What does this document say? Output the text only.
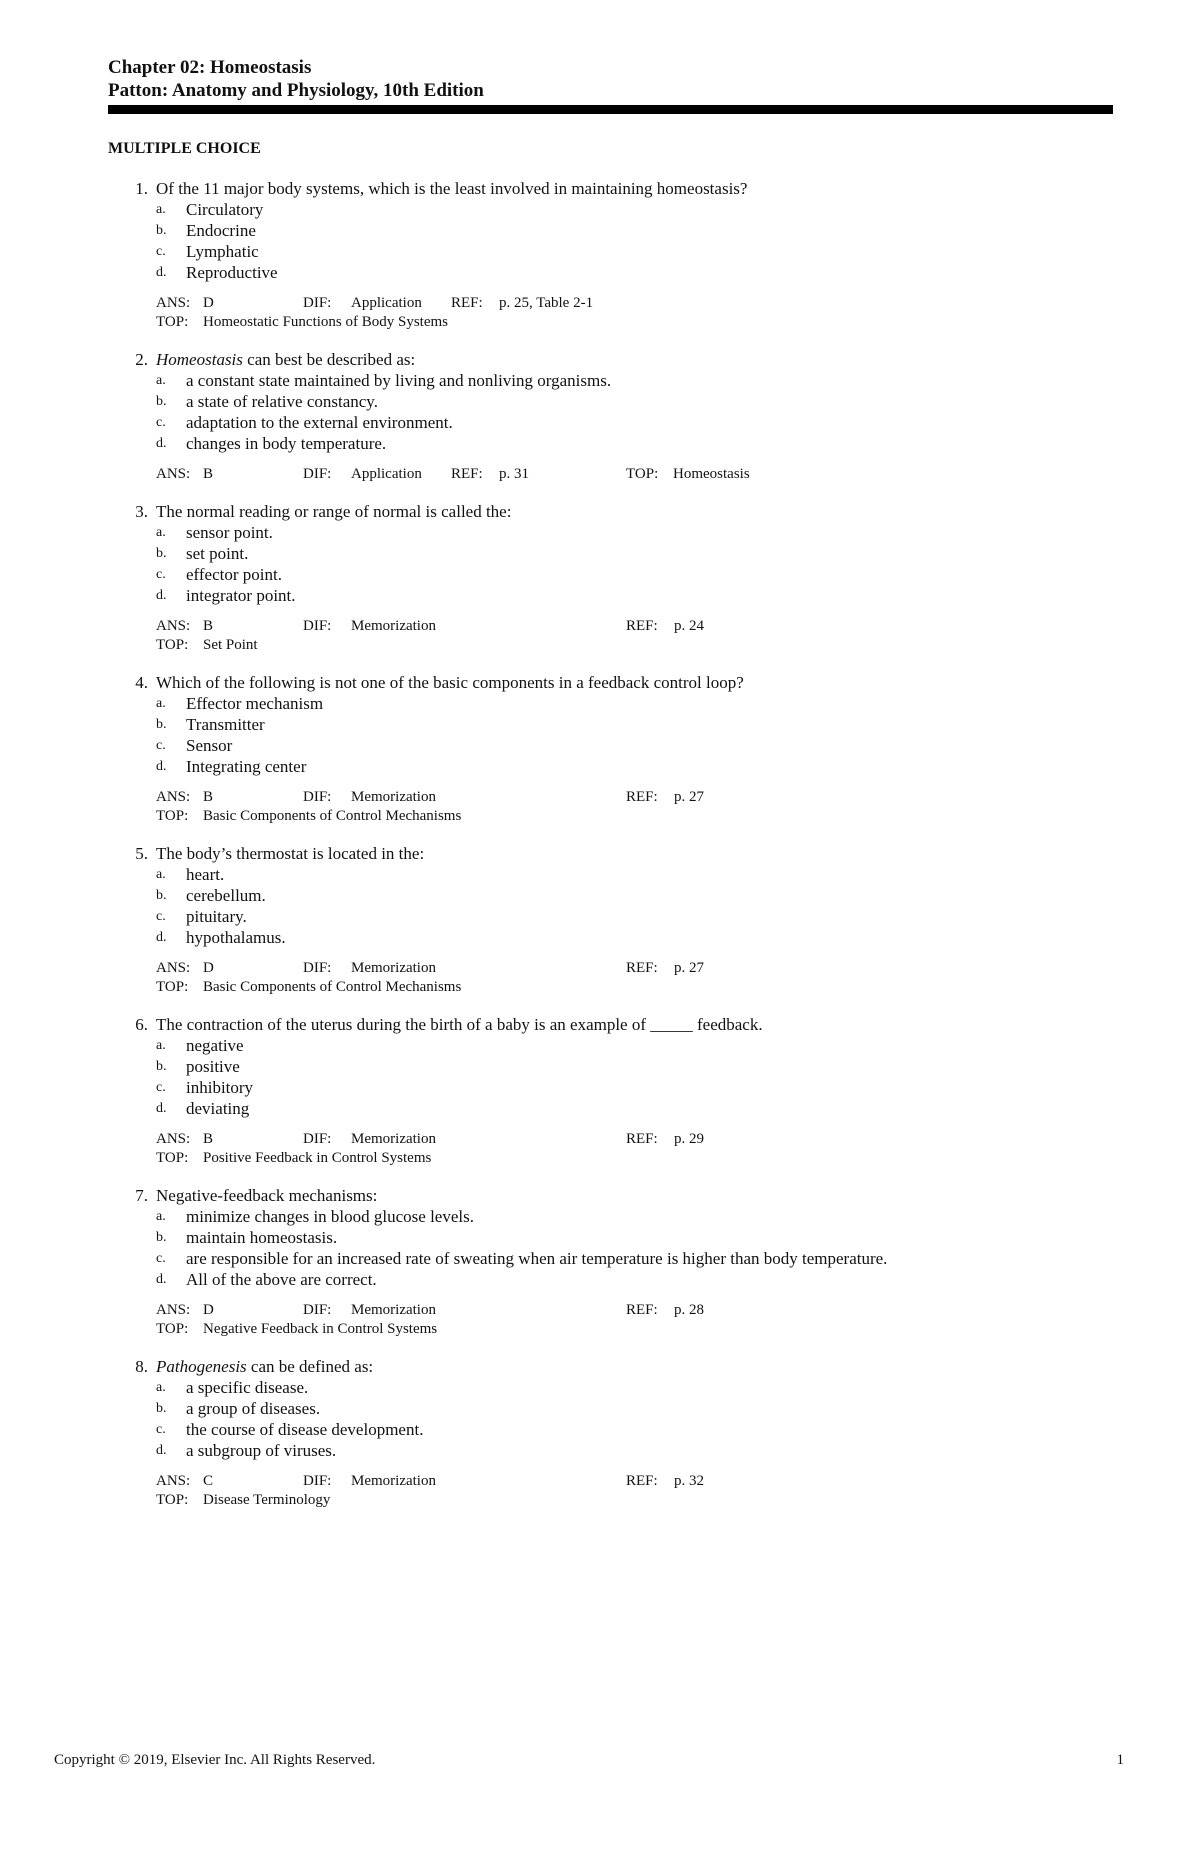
Chapter 02: Homeostasis
Patton: Anatomy and Physiology, 10th Edition
MULTIPLE CHOICE
1. Of the 11 major body systems, which is the least involved in maintaining homeostasis?
a.	Circulatory
b.	Endocrine
c.	Lymphatic
d.	Reproductive
ANS: D	DIF: Application REF: p. 25, Table 2-1
TOP: Homeostatic Functions of Body Systems
2. Homeostasis can best be described as:
a.	a constant state maintained by living and nonliving organisms.
b.	a state of relative constancy.
c.	adaptation to the external environment.
d.	changes in body temperature.
ANS: B	DIF: Application REF: p. 31	TOP: Homeostasis
3. The normal reading or range of normal is called the:
a.	sensor point.
b.	set point.
c.	effector point.
d.	integrator point.
ANS: B	DIF: Memorization	REF: p. 24
TOP: Set Point
4. Which of the following is not one of the basic components in a feedback control loop?
a.	Effector mechanism
b.	Transmitter
c.	Sensor
d.	Integrating center
ANS: B	DIF: Memorization	REF: p. 27
TOP: Basic Components of Control Mechanisms
5. The body’s thermostat is located in the:
a.	heart.
b.	cerebellum.
c.	pituitary.
d.	hypothalamus.
ANS: D	DIF: Memorization	REF: p. 27
TOP: Basic Components of Control Mechanisms
6. The contraction of the uterus during the birth of a baby is an example of _____ feedback.
a.	negative
b.	positive
c.	inhibitory
d.	deviating
ANS: B	DIF: Memorization	REF: p. 29
TOP: Positive Feedback in Control Systems
7. Negative-feedback mechanisms:
a.	minimize changes in blood glucose levels.
b.	maintain homeostasis.
c.	are responsible for an increased rate of sweating when air temperature is higher than body temperature.
d.	All of the above are correct.
ANS: D	DIF: Memorization	REF: p. 28
TOP: Negative Feedback in Control Systems
8. Pathogenesis can be defined as:
a.	a specific disease.
b.	a group of diseases.
c.	the course of disease development.
d.	a subgroup of viruses.
ANS: C	DIF: Memorization	REF: p. 32
TOP: Disease Terminology
Copyright © 2019, Elsevier Inc. All Rights Reserved.	1
